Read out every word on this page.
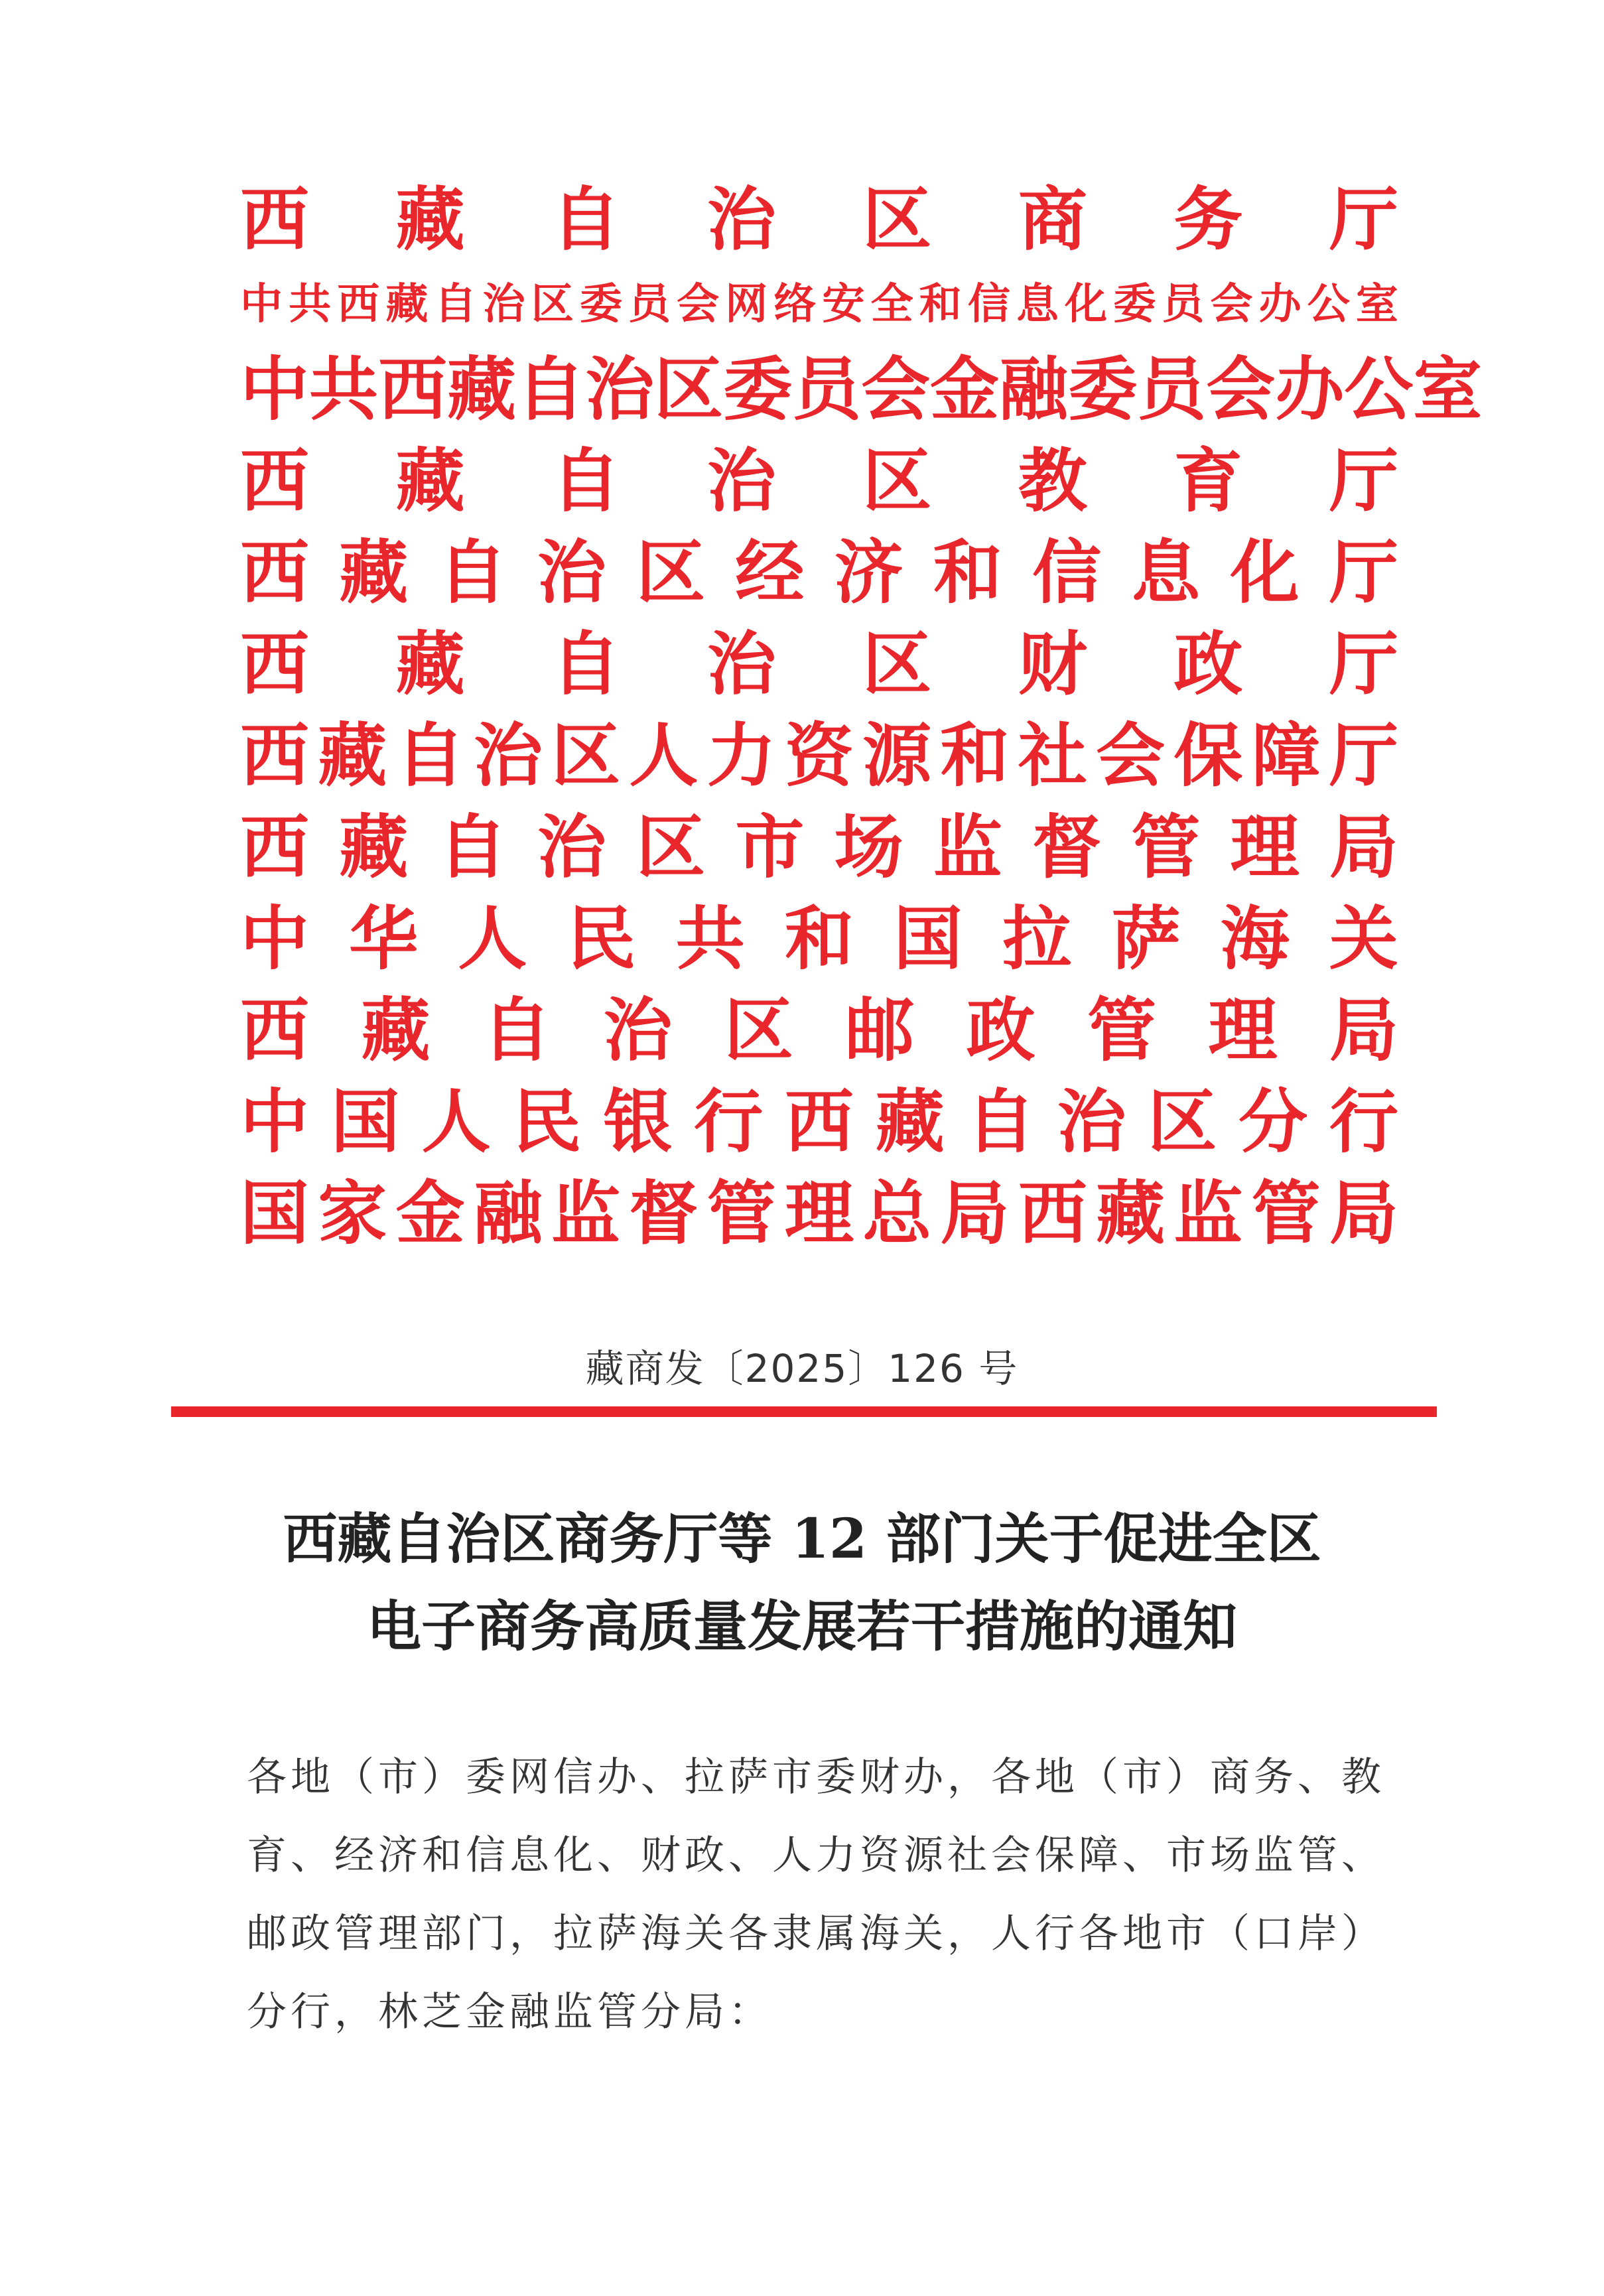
西 藏 自 治 区 商 务 厅
中 共 西 藏 自 治 区 委 员 会 网 络 安 全 和 信 息 化 委 员 会 办 公 室
中 共 西 藏 自 治 区 委 员 会 金 融 委 员 会 办 公 室
西 藏 自 治 区 教 育 厅
西 藏 自 治 区 经 济 和 信 息 化 厅
西 藏 自 治 区 财 政 厅
西 藏 自 治 区 人 力 资 源 和 社 会 保 障 厅
西 藏 自 治 区 市 场 监 督 管 理 局
中 华 人 民 共 和 国 拉 萨 海 关
西 藏 自 治 区 邮 政 管 理 局
中 国 人 民 银 行 西 藏 自 治 区 分 行
国 家 金 融 监 督 管 理 总 局 西 藏 监 管 局
藏商发〔2025〕126 号
西藏自治区商务厅等 12 部门关于促进全区
电子商务高质量发展若干措施的通知
各地（市）委网信办、拉萨市委财办，各地（市）商务、教
育、经济和信息化、财政、人力资源社会保障、市场监管、
邮政管理部门，拉萨海关各隶属海关，人行各地市（口岸）
分行，林芝金融监管分局：
